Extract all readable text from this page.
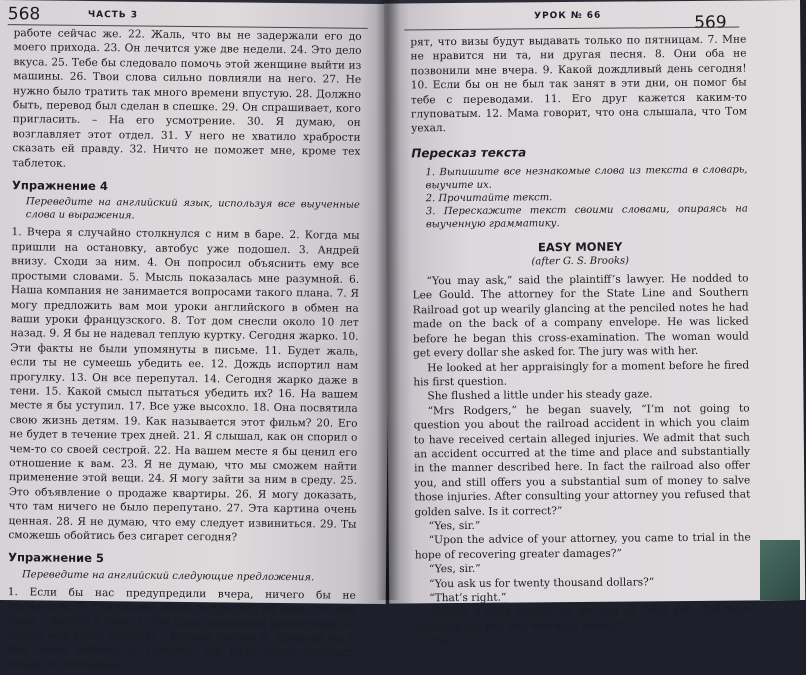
568	ЧАСТЬ 3

работе сейчас же. 22. Жаль, что вы не задержали его до моего прихода. 23. Он лечится уже две недели. 24. Это дело вкуса. 25. Тебе бы следовало помочь этой женщине выйти из машины. 26. Твои слова сильно повлияли на него. 27. Не нужно было тратить так много времени впустую. 28. Должно быть, перевод был сделан в спешке. 29. Он спрашивает, кого пригласить. – На его усмотрение. 30. Я думаю, он возглавляет этот отдел. 31. У него не хватило храбрости сказать ей правду. 32. Ничто не поможет мне, кроме тех таблеток.

Упражнение 4

Переведите на английский язык, используя все выученные слова и выражения.

1. Вчера я случайно столкнулся с ним в баре. 2. Когда мы пришли на остановку, автобус уже подошел. 3. Андрей внизу. Сходи за ним. 4. Он попросил объяснить ему все простыми словами. 5. Мысль показалась мне разумной. 6. Наша компания не занимается вопросами такого плана. 7. Я могу предложить вам мои уроки английского в обмен на ваши уроки французского. 8. Тот дом снесли около 10 лет назад. 9. Я бы не надевал теплую куртку. Сегодня жарко. 10. Эти факты не были упомянуты в письме. 11. Будет жаль, если ты не сумеешь убедить ее. 12. Дождь испортил нам прогулку. 13. Он все перепутал. 14. Сегодня жарко даже в тени. 15. Какой смысл пытаться убедить их? 16. На вашем месте я бы уступил. 17. Все уже высохло. 18. Она посвятила свою жизнь детям. 19. Как называется этот фильм? 20. Его не будет в течение трех дней. 21. Я слышал, как он спорил о чем-то со своей сестрой. 22. На вашем месте я бы ценил его отношение к вам. 23. Я не думаю, что мы сможем найти применение этой вещи. 24. Я могу зайти за ним в среду. 25. Это объявление о продаже квартиры. 26. Я могу доказать, что там ничего не было перепутано. 27. Эта картина очень ценная. 28. Я не думаю, что ему следует извиниться. 29. Ты сможешь обойтись без сигарет сегодня?

Упражнение 5

Переведите на английский следующие предложения.

1. Если бы нас предупредили вчера, ничего бы не произошло. 2. Том сказал своей сестре, что он знал, что она ушла с работы в пять. 3. Это Саша выключил магнитофон. 4. Какую мне взять кассету? – Возьми любую. 5. Приходи же к нам после работы. 6. Говорят, что визы будут выдавать только по пятницам.

УРОК № 66	569

рят, что визы будут выдавать только по пятницам. 7. Мне не нравится ни та, ни другая песня. 8. Они оба не позвонили мне вчера. 9. Какой дождливый день сегодня! 10. Если бы он не был так занят в эти дни, он помог бы тебе с переводами. 11. Его друг кажется каким-то глуповатым. 12. Мама говорит, что она слышала, что Том уехал.

Пересказ текста

1. Выпишите все незнакомые слова из текста в словарь, выучите их.

2. Прочитайте текст.

3. Перескажите текст своими словами, опираясь на выученную грамматику.

EASY MONEY

(after G. S. Brooks)

“You may ask,” said the plaintiff’s lawyer. He nodded to Lee Gould. The attorney for the State Line and Southern Railroad got up wearily glancing at the penciled notes he had made on the back of a company envelope. He was licked before he began this cross-examination. The woman would get every dollar she asked for. The jury was with her.

He looked at her appraisingly for a moment before he fired his first question.

She flushed a little under his steady gaze.

“Mrs Rodgers,” he began suavely, “I’m not going to question you about the railroad accident in which you claim to have received certain alleged injuries. We admit that such an accident occurred at the time and place and substantially in the manner described here. In fact the railroad also offer you, and still offers you a substantial sum of money to salve those injuries. After consulting your attorney you refused that golden salve. Is it correct?”

“Yes, sir.”

“Upon the advice of your attorney, you came to trial in the hope of recovering greater damages?”

“Yes, sir.”

“You ask us for twenty thousand dollars?”

“That’s right.”

“Speak a little louder, so we can all hear you. Did your attorney tell you this was easy money?”

“No.”
